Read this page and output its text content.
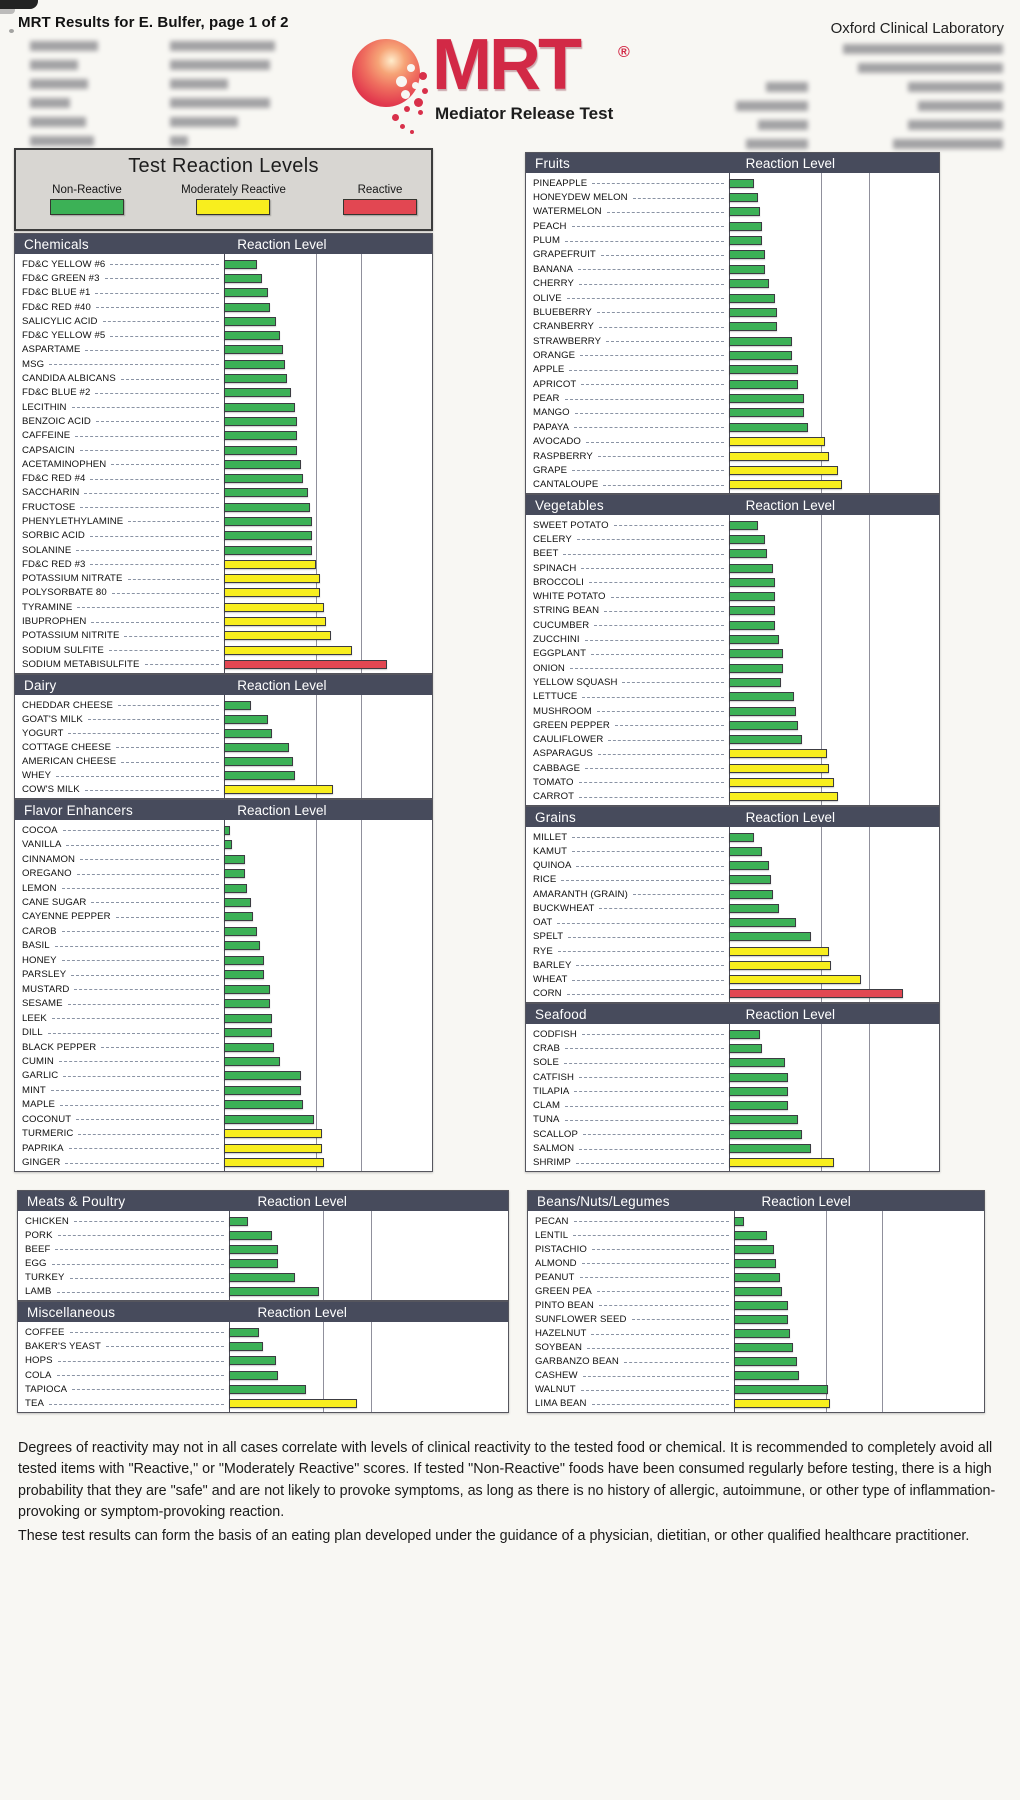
MRT Results for E. Bulfer, page 1 of 2	Oxford Clinical Laboratory
MRT ®
Mediator Release Test
Test Reaction Levels
Non-Reactive	Moderately Reactive	Reactive
Chemicals	Reaction Level
FD&C YELLOW #6
FD&C GREEN #3
FD&C BLUE #1
FD&C RED #40
SALICYLIC ACID
FD&C YELLOW #5
ASPARTAME
MSG
CANDIDA ALBICANS
FD&C BLUE #2
LECITHIN
BENZOIC ACID
CAFFEINE
CAPSAICIN
ACETAMINOPHEN
FD&C RED #4
SACCHARIN
FRUCTOSE
PHENYLETHYLAMINE
SORBIC ACID
SOLANINE
FD&C RED #3
POTASSIUM NITRATE
POLYSORBATE 80
TYRAMINE
IBUPROPHEN
POTASSIUM NITRITE
SODIUM SULFITE
SODIUM METABISULFITE
Dairy	Reaction Level
CHEDDAR CHEESE
GOAT'S MILK
YOGURT
COTTAGE CHEESE
AMERICAN CHEESE
WHEY
COW'S MILK
Flavor Enhancers	Reaction Level
COCOA
VANILLA
CINNAMON
OREGANO
LEMON
CANE SUGAR
CAYENNE PEPPER
CAROB
BASIL
HONEY
PARSLEY
MUSTARD
SESAME
LEEK
DILL
BLACK PEPPER
CUMIN
GARLIC
MINT
MAPLE
COCONUT
TURMERIC
PAPRIKA
GINGER
Fruits	Reaction Level
PINEAPPLE
HONEYDEW MELON
WATERMELON
PEACH
PLUM
GRAPEFRUIT
BANANA
CHERRY
OLIVE
BLUEBERRY
CRANBERRY
STRAWBERRY
ORANGE
APPLE
APRICOT
PEAR
MANGO
PAPAYA
AVOCADO
RASPBERRY
GRAPE
CANTALOUPE
Vegetables	Reaction Level
SWEET POTATO
CELERY
BEET
SPINACH
BROCCOLI
WHITE POTATO
STRING BEAN
CUCUMBER
ZUCCHINI
EGGPLANT
ONION
YELLOW SQUASH
LETTUCE
MUSHROOM
GREEN PEPPER
CAULIFLOWER
ASPARAGUS
CABBAGE
TOMATO
CARROT
Grains	Reaction Level
MILLET
KAMUT
QUINOA
RICE
AMARANTH (GRAIN)
BUCKWHEAT
OAT
SPELT
RYE
BARLEY
WHEAT
CORN
Seafood	Reaction Level
CODFISH
CRAB
SOLE
CATFISH
TILAPIA
CLAM
TUNA
SCALLOP
SALMON
SHRIMP
Meats & Poultry	Reaction Level
CHICKEN
PORK
BEEF
EGG
TURKEY
LAMB
Miscellaneous	Reaction Level
COFFEE
BAKER'S YEAST
HOPS
COLA
TAPIOCA
TEA
Beans/Nuts/Legumes	Reaction Level
PECAN
LENTIL
PISTACHIO
ALMOND
PEANUT
GREEN PEA
PINTO BEAN
SUNFLOWER SEED
HAZELNUT
SOYBEAN
GARBANZO BEAN
CASHEW
WALNUT
LIMA BEAN

Degrees of reactivity may not in all cases correlate with levels of clinical reactivity to the tested food or chemical. It is recommended to completely avoid all tested items with "Reactive," or "Moderately Reactive" scores. If tested "Non-Reactive" foods have been consumed regularly before testing, there is a high probability that they are "safe" and are not likely to provoke symptoms, as long as there is no history of allergic, autoimmune, or other type of inflammation-provoking or symptom-provoking reaction.

These test results can form the basis of an eating plan developed under the guidance of a physician, dietitian, or other qualified healthcare practitioner.
